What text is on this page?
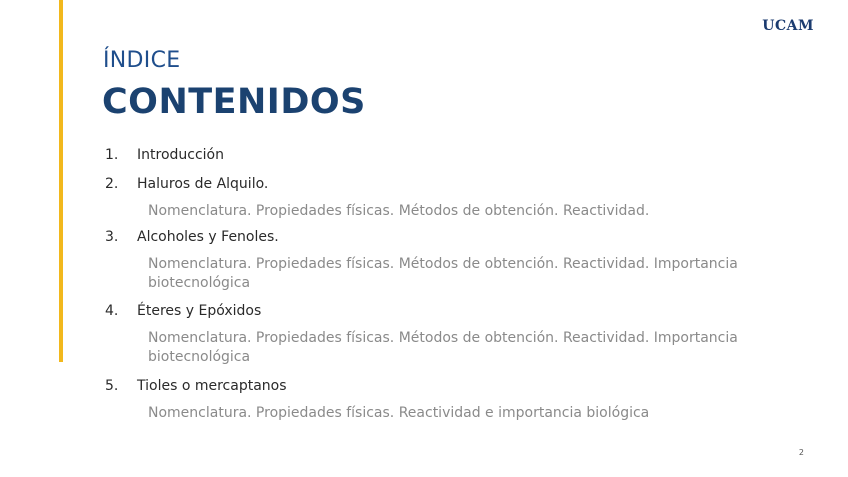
UCAM
ÍNDICE
CONTENIDOS
1.	Introducción
2.	Haluros de Alquilo.
Nomenclatura. Propiedades físicas. Métodos de obtención. Reactividad.
3.	Alcoholes y Fenoles.
Nomenclatura. Propiedades físicas. Métodos de obtención. Reactividad. Importancia biotecnológica
4.	Éteres y Epóxidos
Nomenclatura. Propiedades físicas. Métodos de obtención. Reactividad. Importancia biotecnológica
5.	Tioles o mercaptanos
Nomenclatura. Propiedades físicas. Reactividad e importancia biológica
2
